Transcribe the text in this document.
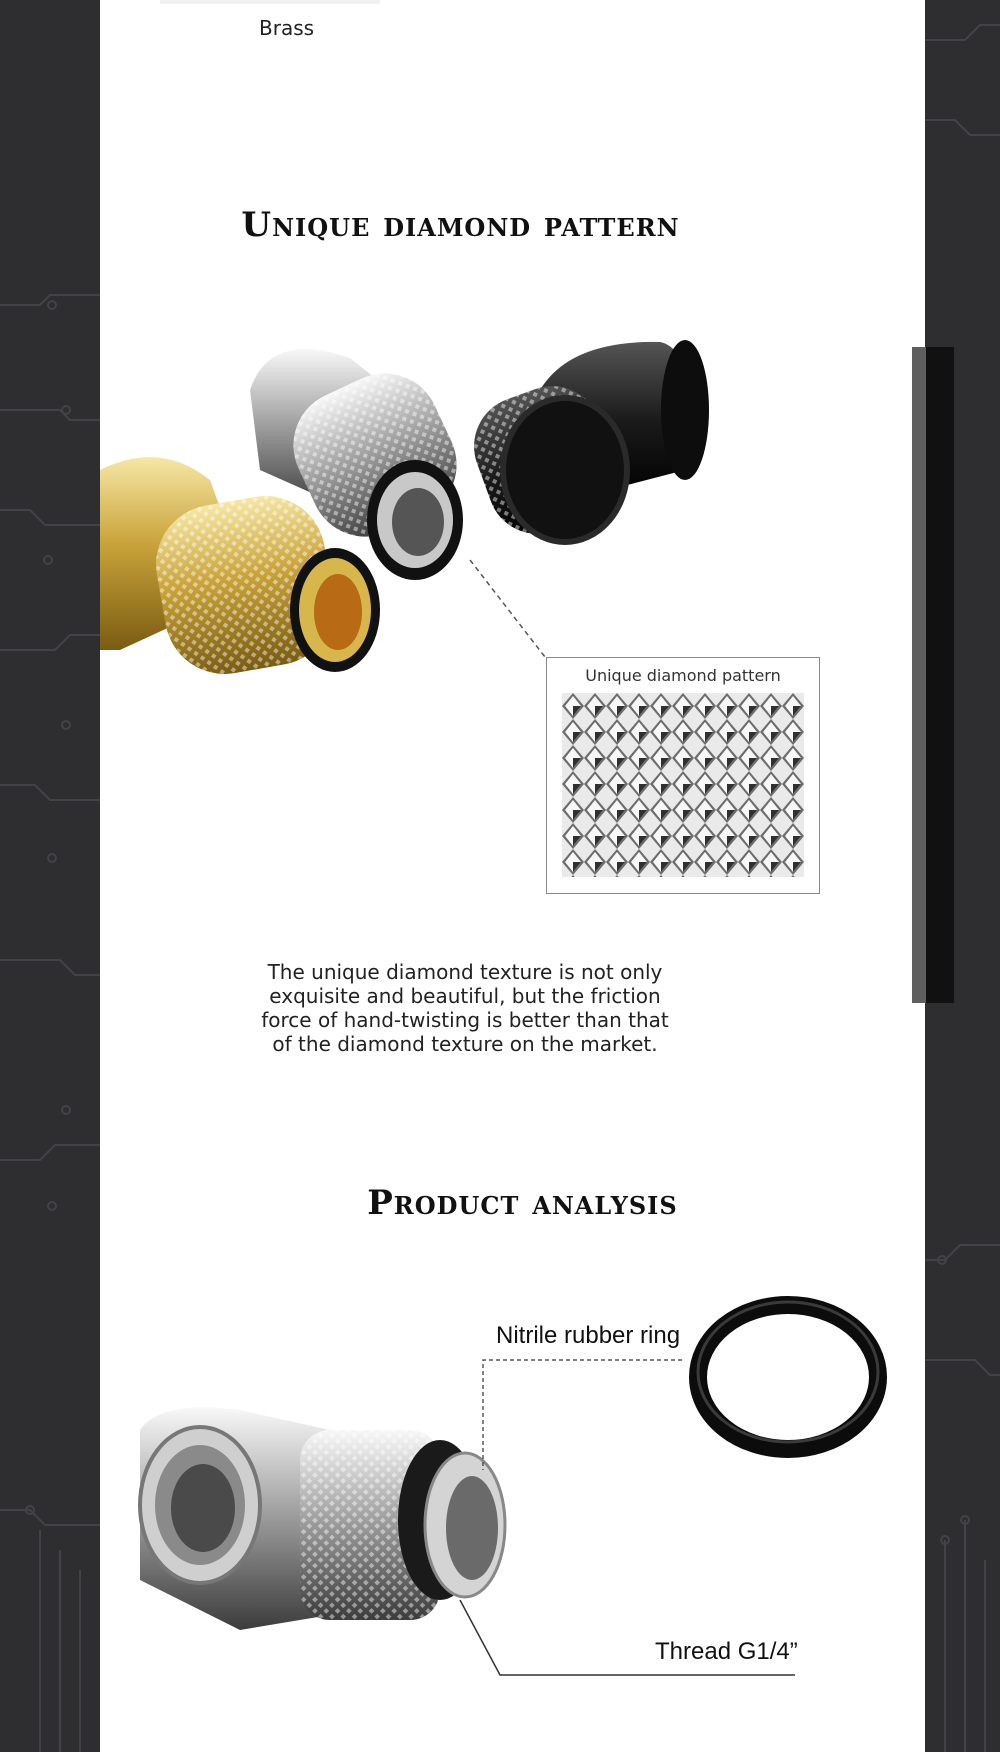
Brass
Unique diamond pattern
Unique diamond pattern
The unique diamond texture is not only exquisite and beautiful, but the friction force of hand-twisting is better than that of the diamond texture on the market.
Product analysis
Nitrile rubber ring
Thread G1/4”
